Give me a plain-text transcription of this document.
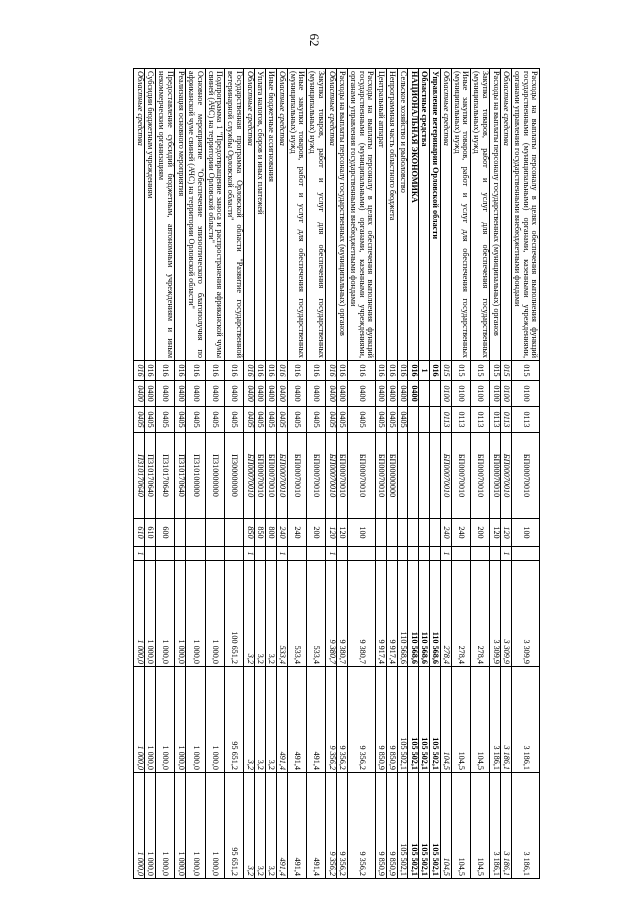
62
Расходы на выплаты персоналу в целях обеспечения выполнения функций государственными (муниципальными) органами, казенными учреждениями, органами управления государственными внебюджетными фондами	015	0100	0113	БП00070010	100		3 309,9	3 186,1	3 186,1
Областные средства	015	0100	0113	БП00070010	120	1	3 309,9	3 186,1	3 186,1
Расходы на выплаты персоналу государственных (муниципальных) органов	015	0100	0113	БП00070010	120		3 309,9	3 186,1	3 186,1
Закупка товаров, работ и услуг для обеспечения государственных (муниципальных) нужд	015	0100	0113	БП00070010	200		278,4	104,5	104,5
Иные закупки товаров, работ и услуг для обеспечения государственных (муниципальных) нужд	015	0100	0113	БП00070010	240		278,4	104,5	104,5
Областные средства	015	0100	0113	БП00070010	240	1	278,4	104,5	104,5
Управление ветеринарии Орловской области	016						110 568,6	105 502,1	105 502,1
Областные средства	1						110 568,6	105 502,1	105 502,1
НАЦИОНАЛЬНАЯ ЭКОНОМИКА	016	0400					110 568,6	105 502,1	105 502,1
Сельское хозяйство и рыболовство	016	0400	0405				110 568,6	105 502,1	105 502,1
Непрограммная часть областного бюджета	016	0400	0405	БП00000000			9 917,4	9 850,9	9 850,9
Центральный аппарат	016	0400	0405	БП00070010			9 917,4	9 850,9	9 850,9
Расходы на выплаты персоналу в целях обеспечения выполнения функций государственными (муниципальными) органами, казенными учреждениями, органами управления государственными внебюджетными фондами	016	0400	0405	БП00070010	100		9 380,7	9 356,2	9 356,2
Расходы на выплаты персоналу государственных (муниципальных) органов	016	0400	0405	БП00070010	120		9 380,7	9 356,2	9 356,2
Областные средства	016	0400	0405	БП00070010	120	1	9 380,7	9 356,2	9 356,2
Закупка товаров, работ и услуг для обеспечения государственных (муниципальных) нужд	016	0400	0405	БП00070010	200		533,4	491,4	491,4
Иные закупки товаров, работ и услуг для обеспечения государственных (муниципальных) нужд	016	0400	0405	БП00070010	240		533,4	491,4	491,4
Областные средства	016	0400	0405	БП00070010	240	1	533,4	491,4	491,4
Иные бюджетные ассигнования	016	0400	0405	БП00070010	800		3,2	3,2	3,2
Уплата налогов, сборов и иных платежей	016	0400	0405	БП00070010	850		3,2	3,2	3,2
Областные средства	016	0400	0405	БП00070010	850	1	3,2	3,2	3,2
Государственная программа Орловской области "Развитие государственной ветеринарной службы Орловской области"	016	0400	0405	П300000000			100 651,2	95 651,2	95 651,2
Подпрограмма 1 "Предотвращение заноса и распространения африканской чумы свиней (АЧС) на территории Орловской области"	016	0400	0405	П310000000			1 000,0	1 000,0	1 000,0
Основное мероприятие "Обеспечение эпизоотического благополучия по африканской чуме свиней (АЧС) на территории Орловской области"	016	0400	0405	П310100000			1 000,0	1 000,0	1 000,0
Реализация основного мероприятия	016	0400	0405	П310170640			1 000,0	1 000,0	1 000,0
Предоставление субсидий бюджетным, автономным учреждениям и иным некоммерческим организациям	016	0400	0405	П310170640	600		1 000,0	1 000,0	1 000,0
Субсидии бюджетным учреждениям	016	0400	0405	П310170640	610		1 000,0	1 000,0	1 000,0
Областные средства	016	0400	0405	П310170640	610	1	1 000,0	1 000,0	1 000,0
